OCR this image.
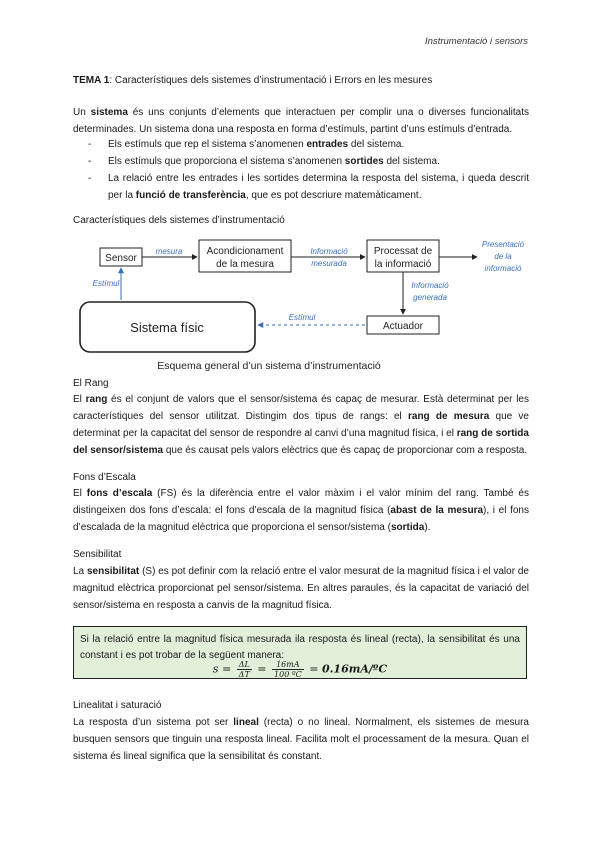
Instrumentació i sensors
TEMA 1: Característiques dels sistemes d’instrumentació i Errors en les mesures
Un sistema és uns conjunts d’elements que interactuen per complir una o diverses funcionalitats determinades. Un sistema dona una resposta en forma d’estímuls, partint d’uns estímuls d’entrada.
- Els estímuls que rep el sistema s’anomenen entrades del sistema.
- Els estímuls que proporciona el sistema s’anomenen sortides del sistema.
- La relació entre les entrades i les sortides determina la resposta del sistema, i queda descrit per la funció de transferència, que es pot descriure matemàticament.
Característiques dels sistemes d’instrumentació
Sensor
Acondicionament
de la mesura
Processat de
la informació
Actuador
Sistema físic
mesura	Informació
mesurada
Presentació
de la
informació
Informació
generada
Estímul
Estímul
Esquema general d’un sistema d’instrumentació
El Rang
El rang és el conjunt de valors que el sensor/sistema és capaç de mesurar. Està determinat per les característiques del sensor utilitzat. Distingim dos tipus de rangs: el rang de mesura que ve determinat per la capacitat del sensor de respondre al canvi d’una magnitud física, i el rang de sortida del sensor/sistema que és causat pels valors elèctrics que és capaç de proporcionar com a resposta.
Fons d’Escala
El fons d’escala (FS) és la diferència entre el valor màxim i el valor mínim del rang. També és distingeixen dos fons d’escala: el fons d’escala de la magnitud física (abast de la mesura), i el fons d’escalada de la magnitud elèctrica que proporciona el sensor/sistema (sortida).
Sensibilitat
La sensibilitat (S) es pot definir com la relació entre el valor mesurat de la magnitud física i el valor de magnitud elèctrica proporcionat pel sensor/sistema. En altres paraules, és la capacitat de variació del sensor/sistema en resposta a canvis de la magnitud física.
Si la relació entre la magnitud física mesurada ila resposta és lineal (recta), la sensibilitat és una constant i es pot trobar de la següent manera:
$s = \frac{\Delta L}{\Delta T} = \frac{16mA}{\text{100 ºC}}$ = 0.16mA/ºC
Linealitat i saturació
La resposta d’un sistema pot ser lineal (recta) o no lineal. Normalment, els sistemes de mesura busquen sensors que tinguin una resposta lineal. Facilita molt el processament de la mesura. Quan el sistema és lineal significa que la sensibilitat és constant.
